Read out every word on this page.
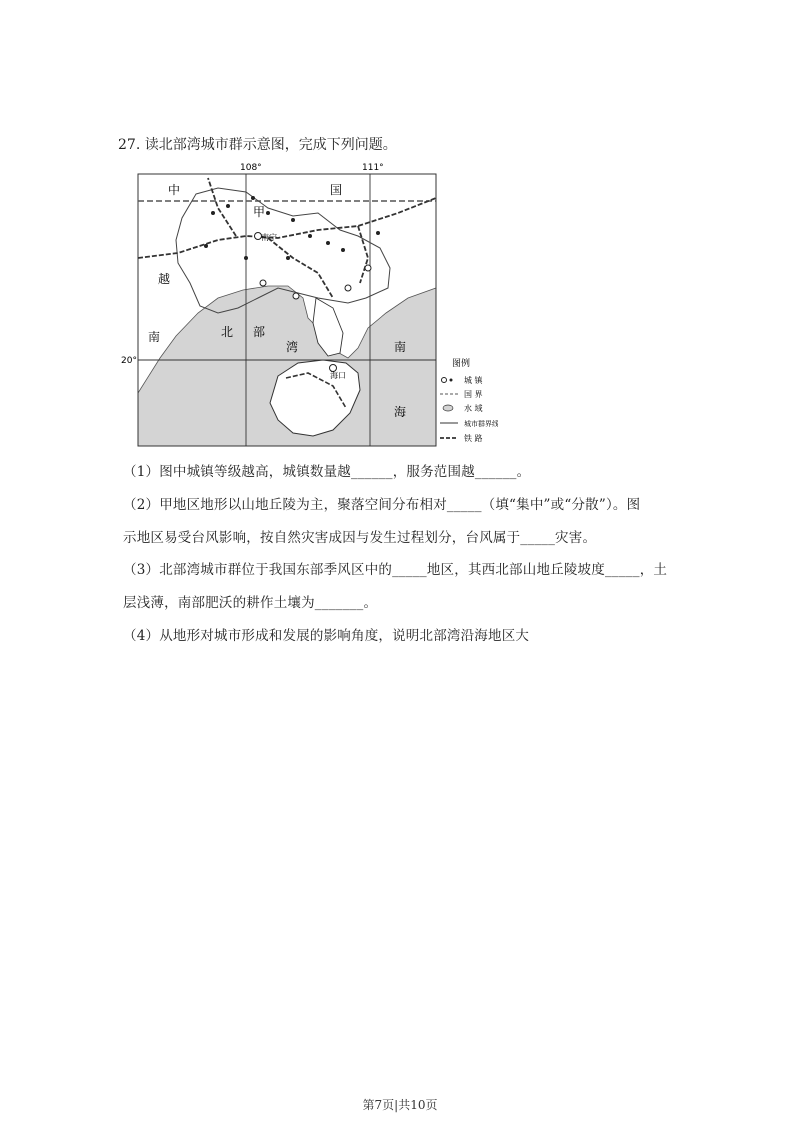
27. 读北部湾城市群示意图，完成下列问题。
108°	111°
20°
中	国
甲
南宁
越
南	北 部
湾
海口
南
海
图例
城 镇
国 界
水 域
城市群界线
铁 路
（1）图中城镇等级越高，城镇数量越______，服务范围越______。
（2）甲地区地形以山地丘陵为主，聚落空间分布相对_____（填“集中”或“分散”）。图
示地区易受台风影响，按自然灾害成因与发生过程划分，台风属于_____灾害。
（3）北部湾城市群位于我国东部季风区中的_____地区，其西北部山地丘陵坡度_____，土
层浅薄，南部肥沃的耕作土壤为_______。
（4）从地形对城市形成和发展的影响角度，说明北部湾沿海地区大
第7页|共10页
